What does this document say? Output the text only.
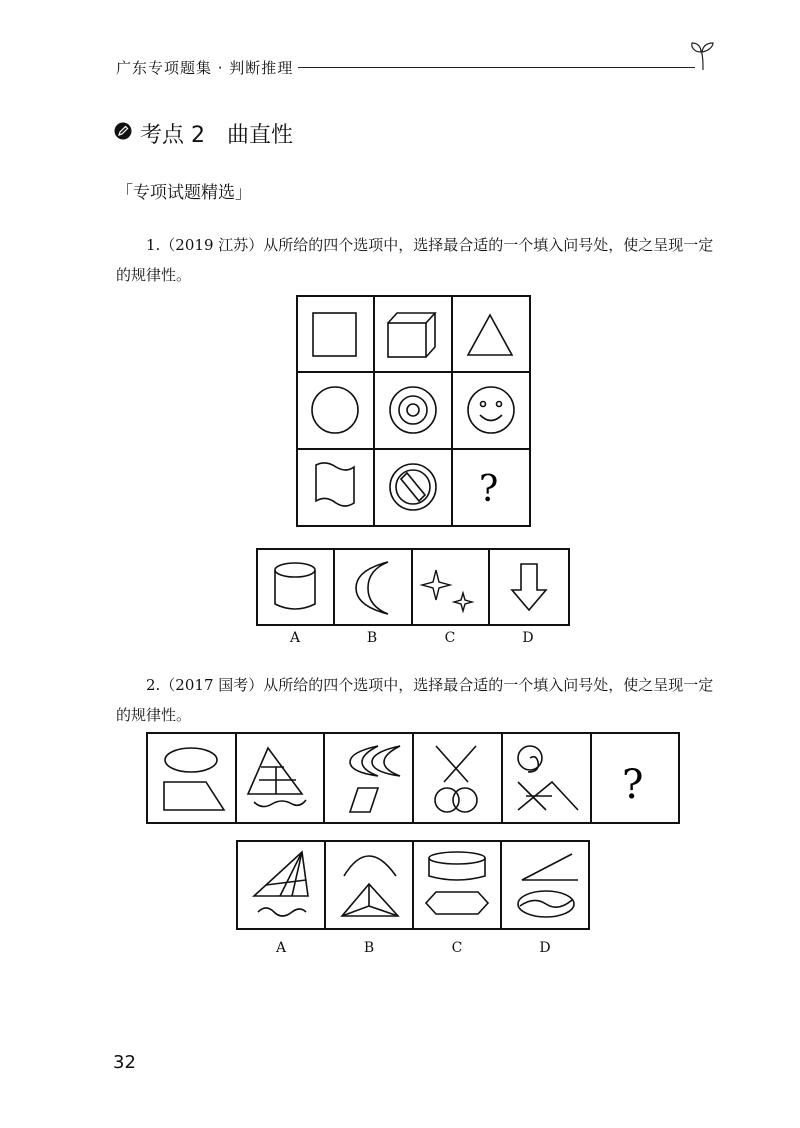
广东专项题集 · 判断推理
考点 2　曲直性
「专项试题精选」
1.（2019 江苏）从所给的四个选项中，选择最合适的一个填入问号处，使之呈现一定的规律性。
?
A	B	C	D
2.（2017 国考）从所给的四个选项中，选择最合适的一个填入问号处，使之呈现一定的规律性。
?
A	B	C	D
32
